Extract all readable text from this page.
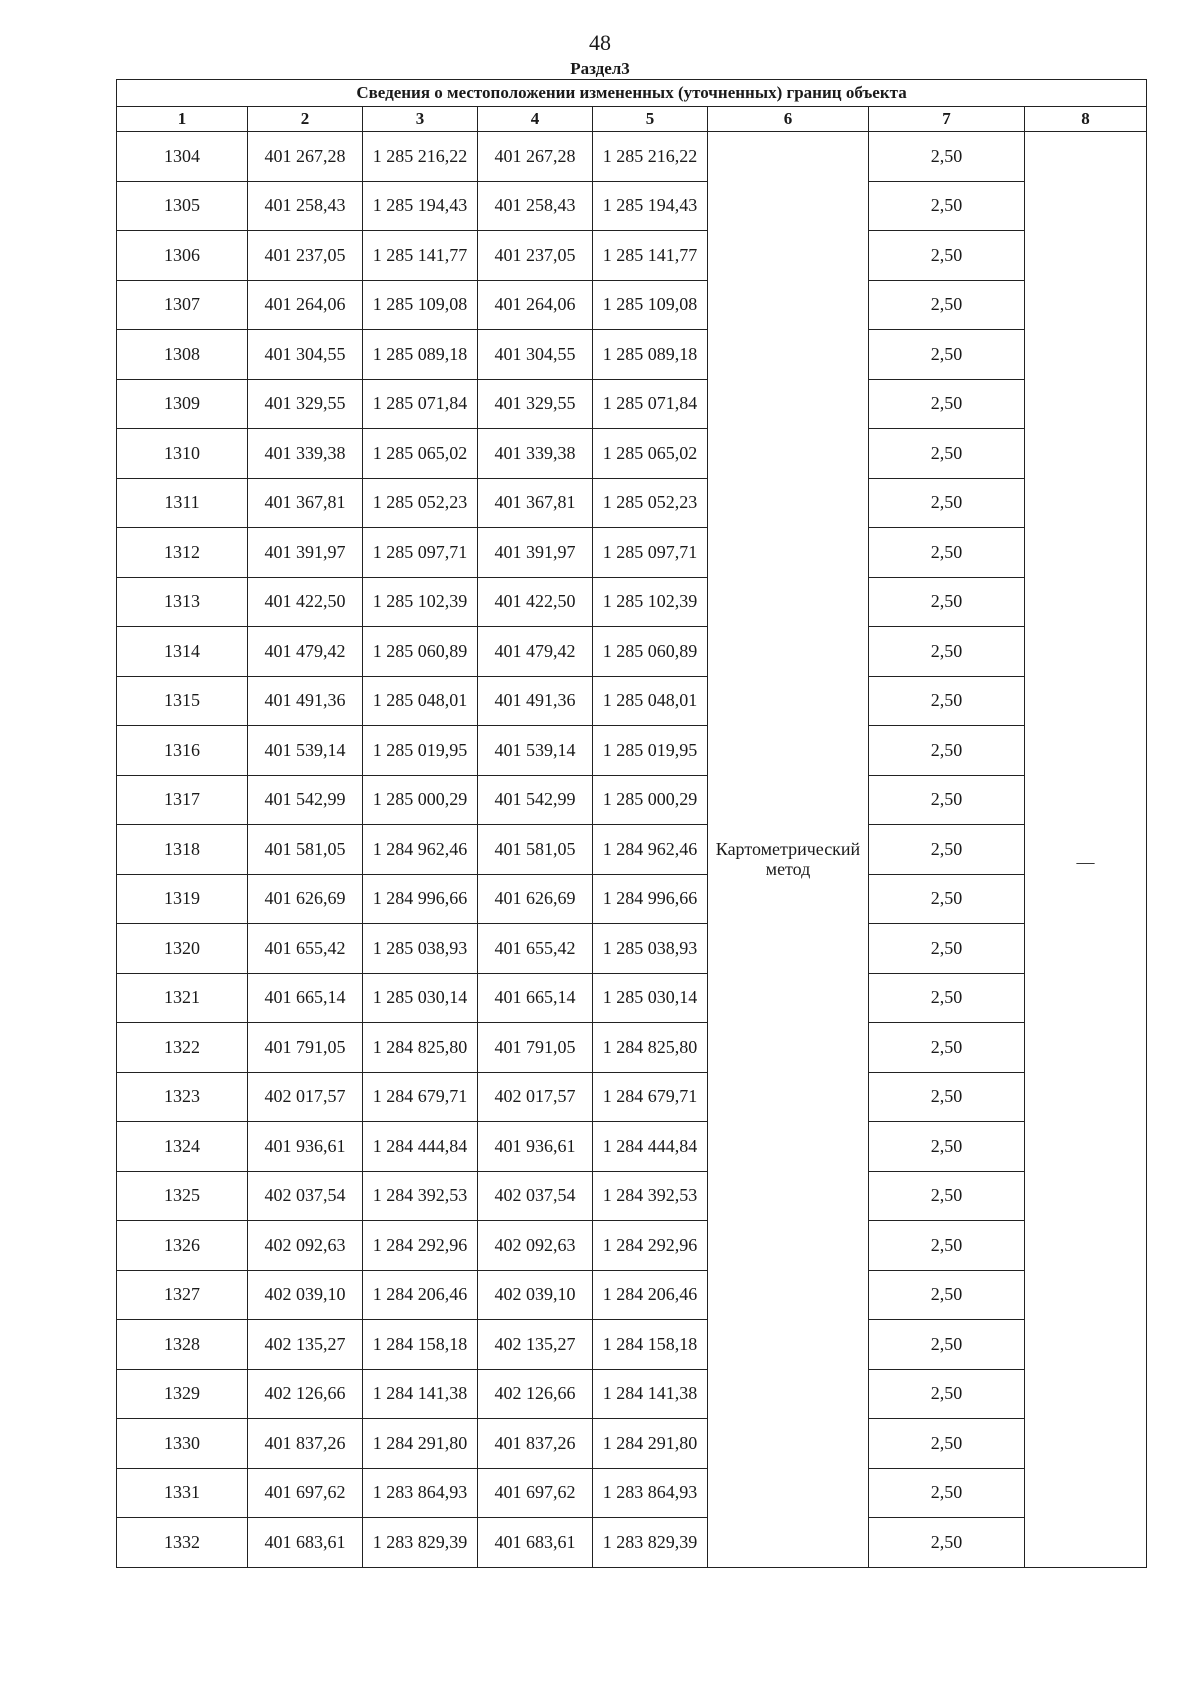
48
Раздел3
Сведения о местоположении измененных (уточненных) границ объекта							
1	2	3	4	5	6	7	8
1304	401 267,28	1 285 216,22	401 267,28	1 285 216,22	Картометрический метод	2,50	—
1305	401 258,43	1 285 194,43	401 258,43	1 285 194,43		2,50	
1306	401 237,05	1 285 141,77	401 237,05	1 285 141,77		2,50	
1307	401 264,06	1 285 109,08	401 264,06	1 285 109,08		2,50	
1308	401 304,55	1 285 089,18	401 304,55	1 285 089,18		2,50	
1309	401 329,55	1 285 071,84	401 329,55	1 285 071,84		2,50	
1310	401 339,38	1 285 065,02	401 339,38	1 285 065,02		2,50	
1311	401 367,81	1 285 052,23	401 367,81	1 285 052,23		2,50	
1312	401 391,97	1 285 097,71	401 391,97	1 285 097,71		2,50	
1313	401 422,50	1 285 102,39	401 422,50	1 285 102,39		2,50	
1314	401 479,42	1 285 060,89	401 479,42	1 285 060,89		2,50	
1315	401 491,36	1 285 048,01	401 491,36	1 285 048,01		2,50	
1316	401 539,14	1 285 019,95	401 539,14	1 285 019,95		2,50	
1317	401 542,99	1 285 000,29	401 542,99	1 285 000,29		2,50	
1318	401 581,05	1 284 962,46	401 581,05	1 284 962,46		2,50	
1319	401 626,69	1 284 996,66	401 626,69	1 284 996,66		2,50	
1320	401 655,42	1 285 038,93	401 655,42	1 285 038,93		2,50	
1321	401 665,14	1 285 030,14	401 665,14	1 285 030,14		2,50	
1322	401 791,05	1 284 825,80	401 791,05	1 284 825,80		2,50	
1323	402 017,57	1 284 679,71	402 017,57	1 284 679,71		2,50	
1324	401 936,61	1 284 444,84	401 936,61	1 284 444,84		2,50	
1325	402 037,54	1 284 392,53	402 037,54	1 284 392,53		2,50	
1326	402 092,63	1 284 292,96	402 092,63	1 284 292,96		2,50	
1327	402 039,10	1 284 206,46	402 039,10	1 284 206,46		2,50	
1328	402 135,27	1 284 158,18	402 135,27	1 284 158,18		2,50	
1329	402 126,66	1 284 141,38	402 126,66	1 284 141,38		2,50	
1330	401 837,26	1 284 291,80	401 837,26	1 284 291,80		2,50	
1331	401 697,62	1 283 864,93	401 697,62	1 283 864,93		2,50	
1332	401 683,61	1 283 829,39	401 683,61	1 283 829,39		2,50	
